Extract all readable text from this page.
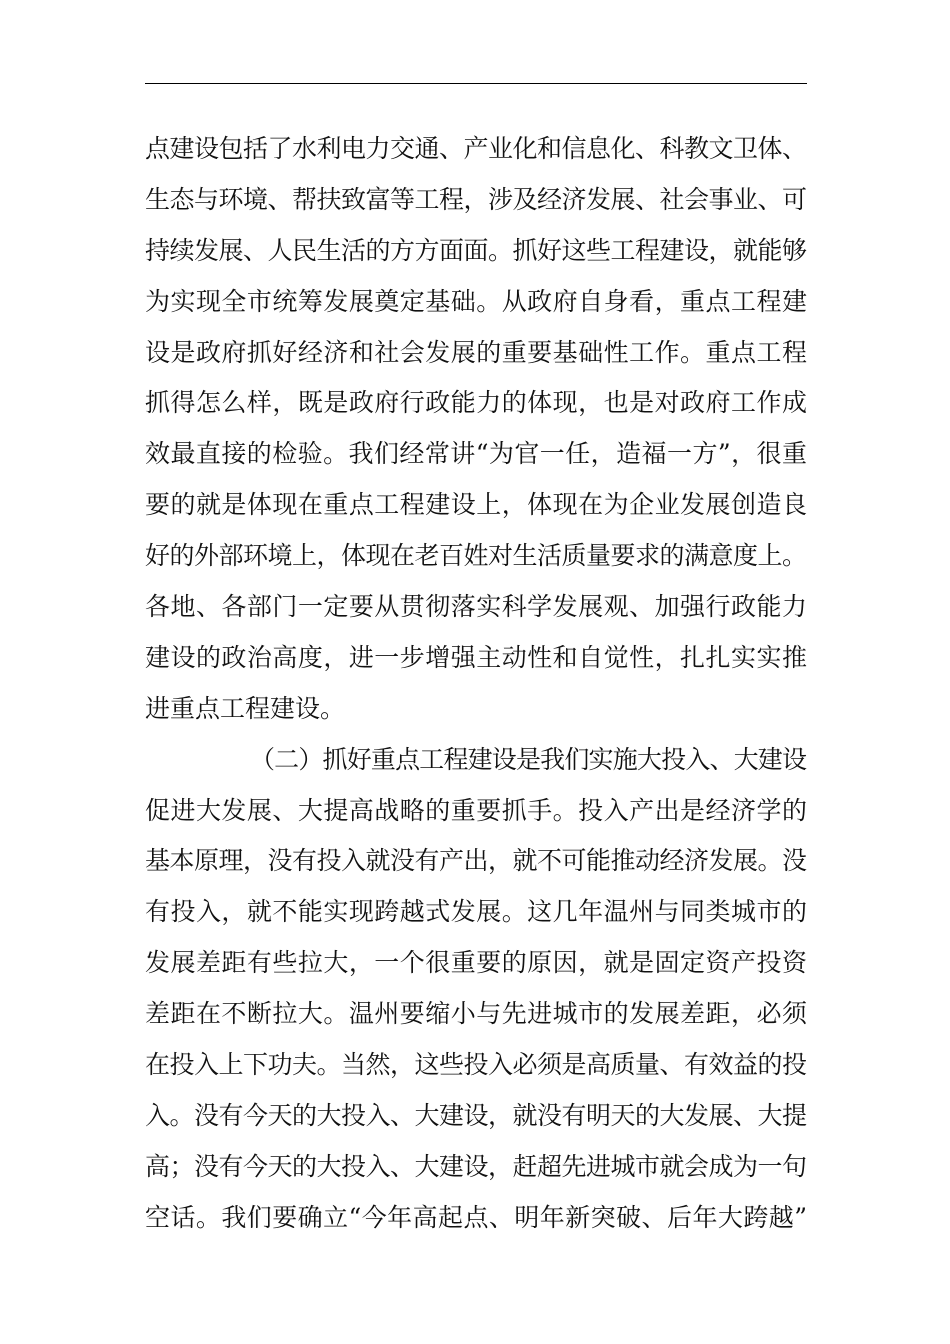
点建设包括了水利电力交通、产业化和信息化、科教文卫体、
生态与环境、帮扶致富等工程，涉及经济发展、社会事业、可
持续发展、人民生活的方方面面。抓好这些工程建设，就能够
为实现全市统筹发展奠定基础。从政府自身看，重点工程建
设是政府抓好经济和社会发展的重要基础性工作。重点工程
抓得怎么样，既是政府行政能力的体现，也是对政府工作成
效最直接的检验。我们经常讲“为官一任，造福一方”，很重
要的就是体现在重点工程建设上，体现在为企业发展创造良
好的外部环境上，体现在老百姓对生活质量要求的满意度上。
各地、各部门一定要从贯彻落实科学发展观、加强行政能力
建设的政治高度，进一步增强主动性和自觉性，扎扎实实推
进重点工程建设。
（二）抓好重点工程建设是我们实施大投入、大建设
促进大发展、大提高战略的重要抓手。投入产出是经济学的
基本原理，没有投入就没有产出，就不可能推动经济发展。没
有投入，就不能实现跨越式发展。这几年温州与同类城市的
发展差距有些拉大，一个很重要的原因，就是固定资产投资
差距在不断拉大。温州要缩小与先进城市的发展差距，必须
在投入上下功夫。当然，这些投入必须是高质量、有效益的投
入。没有今天的大投入、大建设，就没有明天的大发展、大提
高；没有今天的大投入、大建设，赶超先进城市就会成为一句
空话。我们要确立“今年高起点、明年新突破、后年大跨越”
